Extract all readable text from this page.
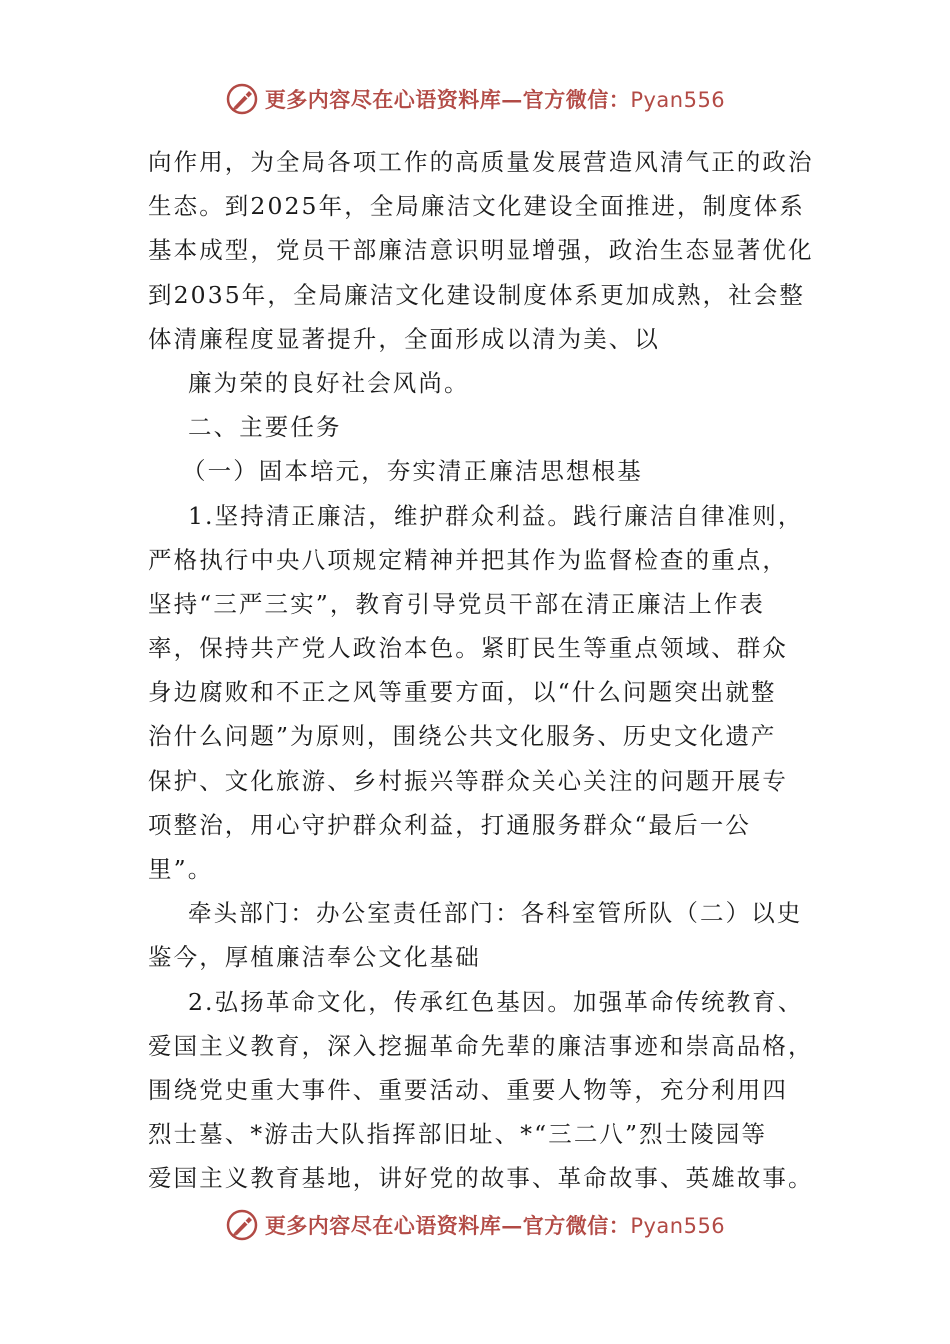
更多内容尽在心语资料库—官方微信：Pyan556
向作用，为全局各项工作的高质量发展营造风清气正的政治
生态。到2025年，全局廉洁文化建设全面推进，制度体系
基本成型，党员干部廉洁意识明显增强，政治生态显著优化
到2035年，全局廉洁文化建设制度体系更加成熟，社会整
体清廉程度显著提升，全面形成以清为美、以
廉为荣的良好社会风尚。
二、主要任务
（一）固本培元，夯实清正廉洁思想根基
1.坚持清正廉洁，维护群众利益。践行廉洁自律准则，
严格执行中央八项规定精神并把其作为监督检查的重点，
坚持“三严三实”，教育引导党员干部在清正廉洁上作表
率，保持共产党人政治本色。紧盯民生等重点领域、群众
身边腐败和不正之风等重要方面，以“什么问题突出就整
治什么问题”为原则，围绕公共文化服务、历史文化遗产
保护、文化旅游、乡村振兴等群众关心关注的问题开展专
项整治，用心守护群众利益，打通服务群众“最后一公
里”。
牵头部门：办公室责任部门：各科室管所队（二）以史
鉴今，厚植廉洁奉公文化基础
2.弘扬革命文化，传承红色基因。加强革命传统教育、
爱国主义教育，深入挖掘革命先辈的廉洁事迹和崇高品格，
围绕党史重大事件、重要活动、重要人物等，充分利用四
烈士墓、*游击大队指挥部旧址、*“三二八”烈士陵园等
爱国主义教育基地，讲好党的故事、革命故事、英雄故事。
更多内容尽在心语资料库—官方微信：Pyan556
